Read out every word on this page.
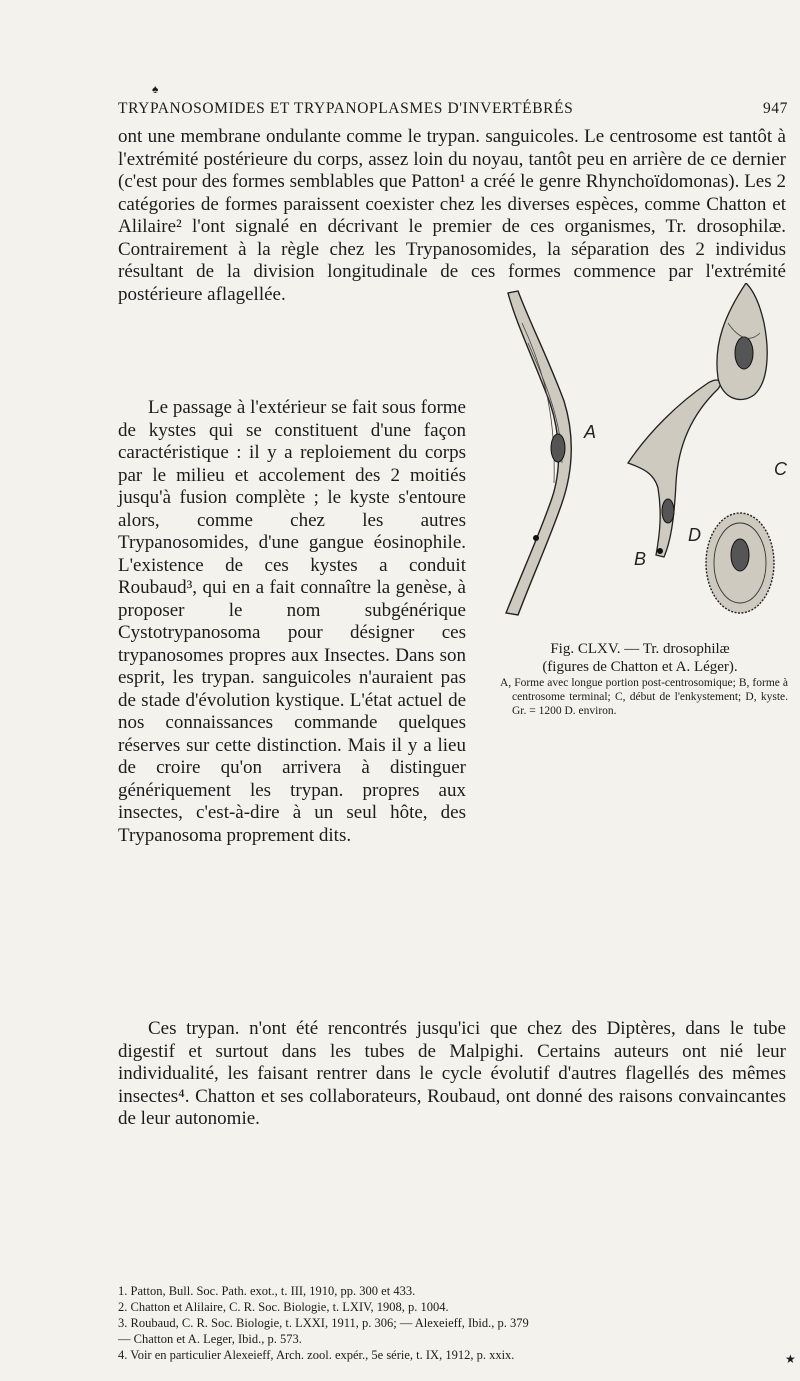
♠
TRYPANOSOMIDES ET TRYPANOPLASMES D'INVERTÉBRÉS	947

ont une membrane ondulante comme le trypan. sanguicoles. Le centrosome est tantôt à l'extrémité postérieure du corps, assez loin du noyau, tantôt peu en arrière de ce dernier (c'est pour des formes semblables que Patton¹ a créé le genre Rhynchoïdomonas). Les 2 catégories de formes paraissent coexister chez les diverses espèces, comme Chatton et Alilaire² l'ont signalé en décrivant le premier de ces organismes, Tr. drosophilæ. Contrairement à la règle chez les Trypanosomides, la séparation des 2 individus résultant de la division longitudinale de ces formes commence par l'extrémité postérieure aflagellée.

Le passage à l'extérieur se fait sous forme de kystes qui se constituent d'une façon caractéristique : il y a reploiement du corps par le milieu et accolement des 2 moitiés jusqu'à fusion complète ; le kyste s'entoure alors, comme chez les autres Trypanosomides, d'une gangue éosinophile. L'existence de ces kystes a conduit Roubaud³, qui en a fait connaître la genèse, à proposer le nom subgénérique Cystotrypanosoma pour désigner ces trypanosomes propres aux Insectes. Dans son esprit, les trypan. sanguicoles n'auraient pas de stade d'évolution kystique. L'état actuel de nos connaissances commande quelques réserves sur cette distinction. Mais il y a lieu de croire qu'on arrivera à distinguer génériquement les trypan. propres aux insectes, c'est-à-dire à un seul hôte, des Trypanosoma proprement dits.

Ces trypan. n'ont été rencontrés jusqu'ici que chez des Diptères, dans le tube digestif et surtout dans les tubes de Malpighi. Certains auteurs ont nié leur individualité, les faisant rentrer dans le cycle évolutif d'autres flagellés des mêmes insectes⁴. Chatton et ses collaborateurs, Roubaud, ont donné des raisons convaincantes de leur autonomie.

A
B
C
D
Fig. CLXV. — Tr. drosophilæ
(figures de Chatton et A. Léger).
A, Forme avec longue portion post-centrosomique; B, forme à centrosome terminal; C, début de l'enkystement; D, kyste. Gr. = 1200 D. environ.
1. Patton, Bull. Soc. Path. exot., t. III, 1910, pp. 300 et 433.
2. Chatton et Alilaire, C. R. Soc. Biologie, t. LXIV, 1908, p. 1004.
3. Roubaud, C. R. Soc. Biologie, t. LXXI, 1911, p. 306; — Alexeieff, Ibid., p. 379
— Chatton et A. Leger, Ibid., p. 573.
4. Voir en particulier Alexeieff, Arch. zool. expér., 5e série, t. IX, 1912, p. xxix.	★
